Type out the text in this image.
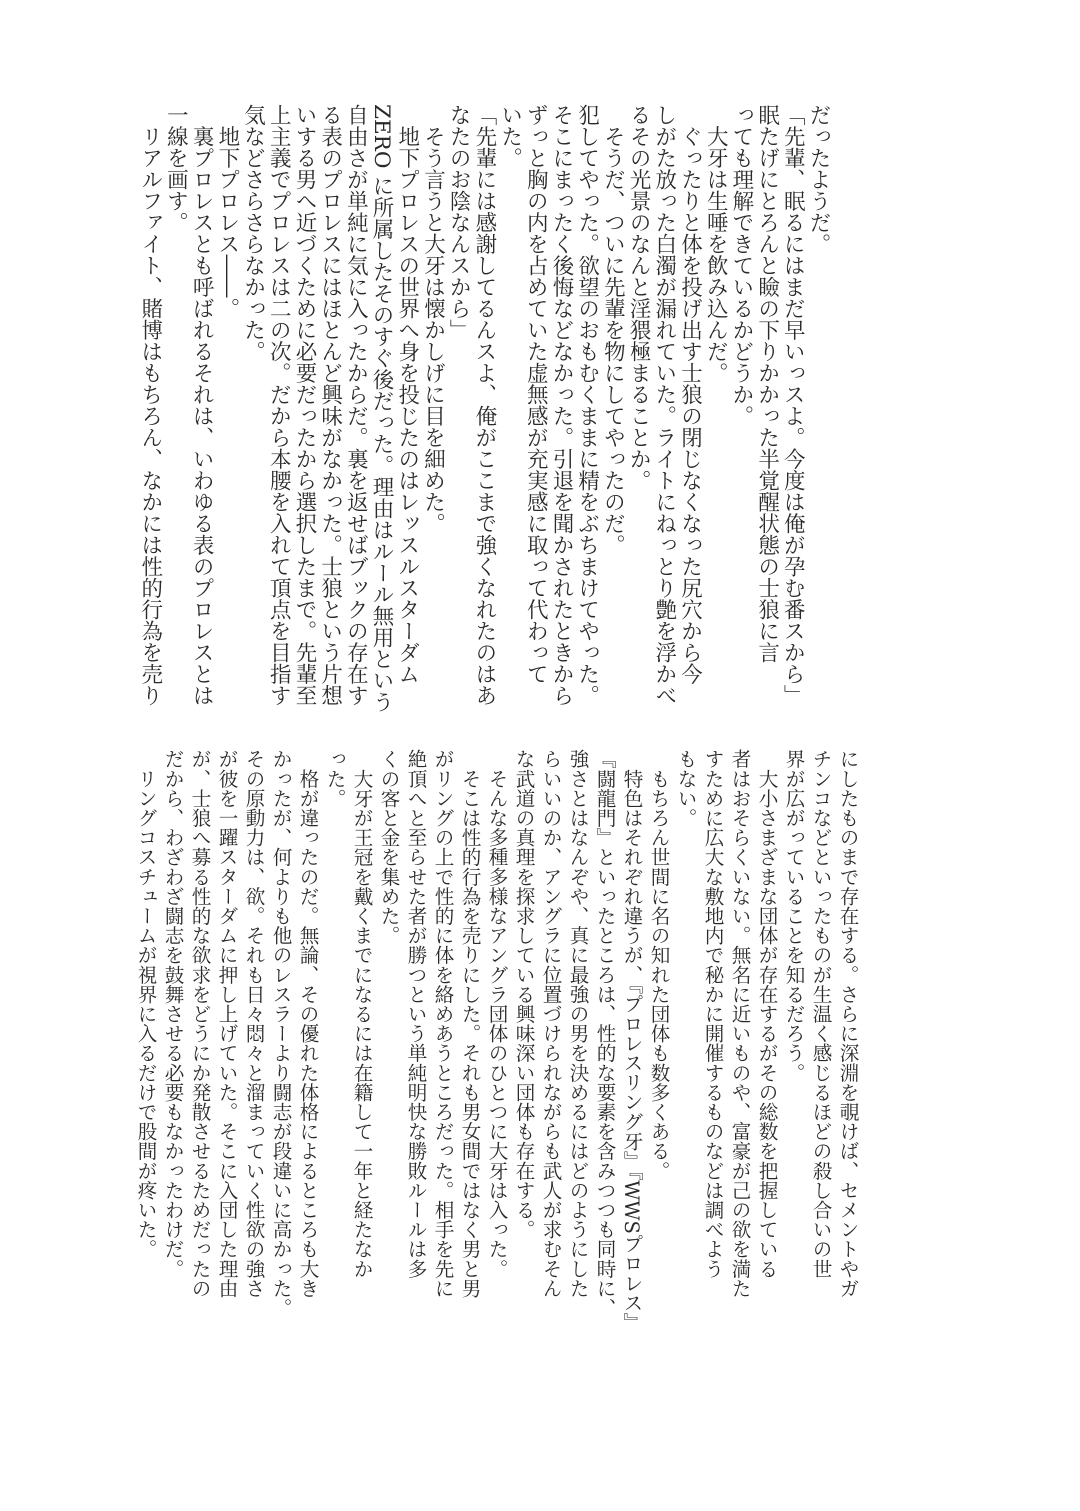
だったようだ。
「先輩、眠るにはまだ早いっスよ。今度は俺が孕む番スから」
眠たげにとろんと瞼の下りかかった半覚醒状態の士狼に言
っても理解できているかどうか。
　大牙は生唾を飲み込んだ。
　ぐったりと体を投げ出す士狼の閉じなくなった尻穴から今
しがた放った白濁が漏れていた。ライトにねっとり艶を浮かべ
るその光景のなんと淫猥極まることか。
　そうだ、ついに先輩を物にしてやったのだ。
犯してやった。欲望のおもむくままに精をぶちまけてやった。
そこにまったく後悔などなかった。引退を聞かされたときから
ずっと胸の内を占めていた虚無感が充実感に取って代わって
いた。
「先輩には感謝してるんスよ、俺がここまで強くなれたのはあ
なたのお陰なんスから」
　そう言うと大牙は懐かしげに目を細めた。
　地下プロレスの世界へ身を投じたのはレッスルスターダム
ZERO に所属したそのすぐ後だった。理由はルール無用という
自由さが単純に気に入ったからだ。裏を返せばブックの存在す
る表のプロレスにはほとんど興味がなかった。士狼という片想
いする男へ近づくために必要だったから選択したまで。先輩至
上主義でプロレスは二の次。だから本腰を入れて頂点を目指す
気などさらさらなかった。
　地下プロレス――。
　裏プロレスとも呼ばれるそれは、いわゆる表のプロレスとは
一線を画す。
　リアルファイト、賭博はもちろん、なかには性的行為を売り
にしたものまで存在する。さらに深淵を覗けば、セメントやガ
チンコなどといったものが生温く感じるほどの殺し合いの世
界が広がっていることを知るだろう。
　大小さまざまな団体が存在するがその総数を把握している
者はおそらくいない。無名に近いものや、富豪が己の欲を満た
すために広大な敷地内で秘かに開催するものなどは調べよう
もない。
　もちろん世間に名の知れた団体も数多くある。
　特色はそれぞれ違うが、『プロレスリング牙』『WWSプロレス』
『闘龍門』といったところは、性的な要素を含みつつも同時に、
強さとはなんぞや、真に最強の男を決めるにはどのようにした
らいいのか、アングラに位置づけられながらも武人が求むそん
な武道の真理を探求している興味深い団体も存在する。
　そんな多種多様なアングラ団体のひとつに大牙は入った。
　そこは性的行為を売りにした。それも男女間ではなく男と男
がリングの上で性的に体を絡めあうところだった。相手を先に
絶頂へと至らせた者が勝つという単純明快な勝敗ルールは多
くの客と金を集めた。
　大牙が王冠を戴くまでになるには在籍して一年と経たなか
った。
　格が違ったのだ。無論、その優れた体格によるところも大き
かったが、何よりも他のレスラーより闘志が段違いに高かった。
その原動力は、欲。それも日々悶々と溜まっていく性欲の強さ
が彼を一躍スターダムに押し上げていた。そこに入団した理由
が、士狼へ募る性的な欲求をどうにか発散させるためだったの
だから、わざわざ闘志を鼓舞させる必要もなかったわけだ。
　リングコスチュームが視界に入るだけで股間が疼いた。
